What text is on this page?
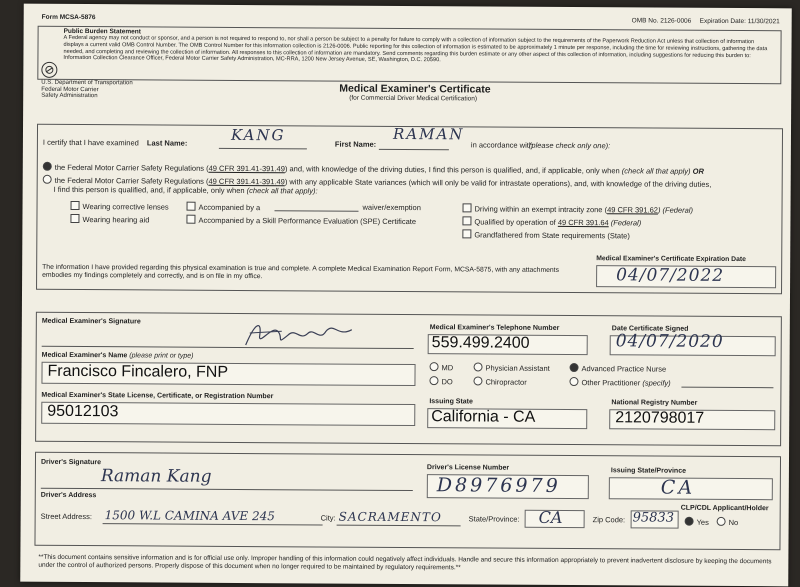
Form MCSA-5876	OMB No. 2126-0006 Expiration Date: 11/30/2021
Public Burden Statement
A Federal agency may not conduct or sponsor, and a person is not required to respond to, nor shall a person be subject to a penalty for failure to comply with a collection of information subject to the requirements of the Paperwork Reduction Act unless that collection of information displays a current valid OMB Control Number. The OMB Control Number for this information collection is 2126-0006. Public reporting for this collection of information is estimated to be approximately 1 minute per response, including the time for reviewing instructions, gathering the data needed, and completing and reviewing the collection of information. All responses to this collection of information are mandatory. Send comments regarding this burden estimate or any other aspect of this collection of information, including suggestions for reducing this burden to: Information Collection Clearance Officer, Federal Motor Carrier Safety Administration, MC-RRA, 1200 New Jersey Avenue, SE, Washington, D.C. 20590.
U.S. Department of Transportation
Federal Motor Carrier
Safety Administration
Medical Examiner's Certificate
(for Commercial Driver Medical Certification)
I certify that I have examined Last Name:	KANG	First Name:
RAMAN
in accordance with
(please check only one):
the Federal Motor Carrier Safety Regulations (49 CFR 391.41-391.49) and, with knowledge of the driving duties, I find this person is qualified, and, if applicable, only when (check all that apply) OR
the Federal Motor Carrier Safety Regulations (49 CFR 391.41-391.49) with any applicable State variances (which will only be valid for intrastate operations), and, with knowledge of the driving duties,
I find this person is qualified, and, if applicable, only when (check all that apply):
Wearing corrective lenses
Wearing hearing aid
Accompanied by a	waiver/exemption
Accompanied by a Skill Performance Evaluation (SPE) Certificate
Driving within an exempt intracity zone (49 CFR 391.62) (Federal)
Qualified by operation of 49 CFR 391.64 (Federal)
Grandfathered from State requirements (State)
The information I have provided regarding this physical examination is true and complete. A complete Medical Examination Report Form, MCSA-5875, with any attachments embodies my findings completely and correctly, and is on file in my office.
Medical Examiner's Certificate Expiration Date
04/07/2022
Medical Examiner's Signature
Medical Examiner's Telephone Number
559.499.2400
Date Certificate Signed
04/07/2020
Medical Examiner's Name (please print or type)
Francisco Fincalero, FNP	MD
DO
Physician Assistant
Chiropractor
Advanced Practice Nurse
Other Practitioner (specify)
Medical Examiner's State License, Certificate, or Registration Number
95012103
Issuing State
California - CA
National Registry Number
2120798017
Driver's Signature
Raman Kang	Driver's License Number
D8976979
Issuing State/Province
CA
Driver's Address
CLP/CDL Applicant/Holder
Street Address: 1500 W.L CAMINA AVE 245	City: SACRAMENTO	State/Province: CA	Zip Code: 95833	Yes	No
**This document contains sensitive information and is for official use only. Improper handling of this information could negatively affect individuals. Handle and secure this information appropriately to prevent inadvertent disclosure by keeping the documents under the control of authorized persons. Properly dispose of this document when no longer required to be maintained by regulatory requirements.**
